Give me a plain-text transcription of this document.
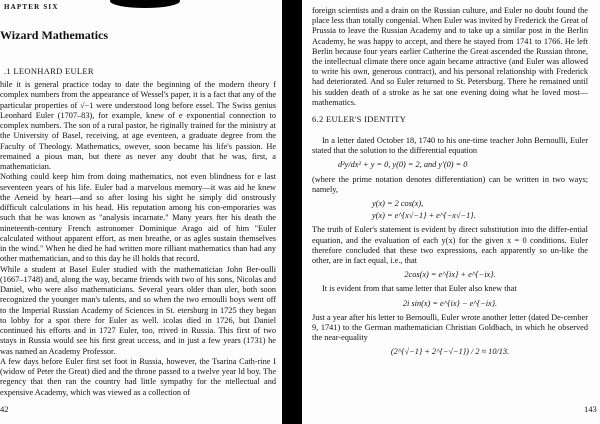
HAPTER SIX
Wizard Mathematics
.1 LEONHARD EULER

hile it is general practice today to date the beginning of the modern theory f complex numbers from the appearance of Wessel's paper, it is a fact that any of the particular properties of √−1 were understood long before essel. The Swiss genius Leonhard Euler (1707–83), for example, knew of e exponential connection to complex numbers. The son of a rural pastor, he riginally trained for the ministry at the University of Basel, receiving, at age eventeen, a graduate degree from the Faculty of Theology. Mathematics, owever, soon became his life's passion. He remained a pious man, but there as never any doubt that he was, first, a mathematician.

Nothing could keep him from doing mathematics, not even blindness for e last seventeen years of his life. Euler had a marvelous memory—it was aid he knew the Aeneid by heart—and so after losing his sight he simply did onstrously difficult calculations in his head. His reputation among his con-emporaries was such that he was known as "analysis incarnate." Many years fter his death the nineteenth-century French astronomer Dominique Arago aid of him "Euler calculated without apparent effort, as men breathe, or as agles sustain themselves in the wind." When he died he had written more rilliant mathematics than had any other mathematician, and to this day he ill holds that record.

While a student at Basel Euler studied with the mathematician John Ber-oulli (1667–1748) and, along the way, became friends with two of his sons, Nicolas and Daniel, who were also mathematicians. Several years older than uler, both soon recognized the younger man's talents, and so when the two ernoulli boys went off to the Imperial Russian Academy of Sciences in St. etersburg in 1725 they began to lobby for a spot there for Euler as well. icolas died in 1726, but Daniel continued his efforts and in 1727 Euler, too, rrived in Russia. This first of two stays in Russia would see his first great uccess, and in just a few years (1731) he was named an Academy Professor.

A few days before Euler first set foot in Russia, however, the Tsarina Cath-rine I (widow of Peter the Great) died and the throne passed to a twelve year ld boy. The regency that then ran the country had little sympathy for the ntellectual and expensive Academy, which was viewed as a collection of

42

foreign scientists and a drain on the Russian culture, and Euler no doubt found the place less than totally congenial. When Euler was invited by Frederick the Great of Prussia to leave the Russian Academy and to take up a similar post in the Berlin Academy, he was happy to accept, and there he stayed from 1741 to 1766. He left Berlin because four years earlier Catherine the Great ascended the Russian throne, the intellectual climate there once again became attractive (and Euler was allowed to write his own, generous contract), and his personal relationship with Frederick had deteriorated. And so Euler returned to St. Petersburg. There he remained until his sudden death of a stroke as he sat one evening doing what he loved most—mathematics.

6.2 EULER'S IDENTITY

In a letter dated October 18, 1740 to his one-time teacher John Bernoulli, Euler stated that the solution to the differential equation

d²y/dx² + y = 0, y(0) = 2, and y′(0) = 0

(where the prime notation denotes differentiation) can be written in two ways; namely,

y(x) = 2 cos(x),
y(x) = e^{x√−1} + e^{−x√−1}.

The truth of Euler's statement is evident by direct substitution into the differ-ential equation, and the evaluation of each y(x) for the given x = 0 conditions. Euler therefore concluded that these two expressions, each apparently so un-like the other, are in fact equal, i.e., that

2cos(x) = e^{ix} + e^{−ix}.

It is evident from that same letter that Euler also knew that

2i sin(x) = e^{ix} − e^{−ix}.

Just a year after his letter to Bernoulli, Euler wrote another letter (dated De-cember 9, 1741) to the German mathematician Christian Goldbach, in which he observed the near-equality

(2^{√−1} + 2^{−√−1}) / 2 ≈ 10/13.
143
